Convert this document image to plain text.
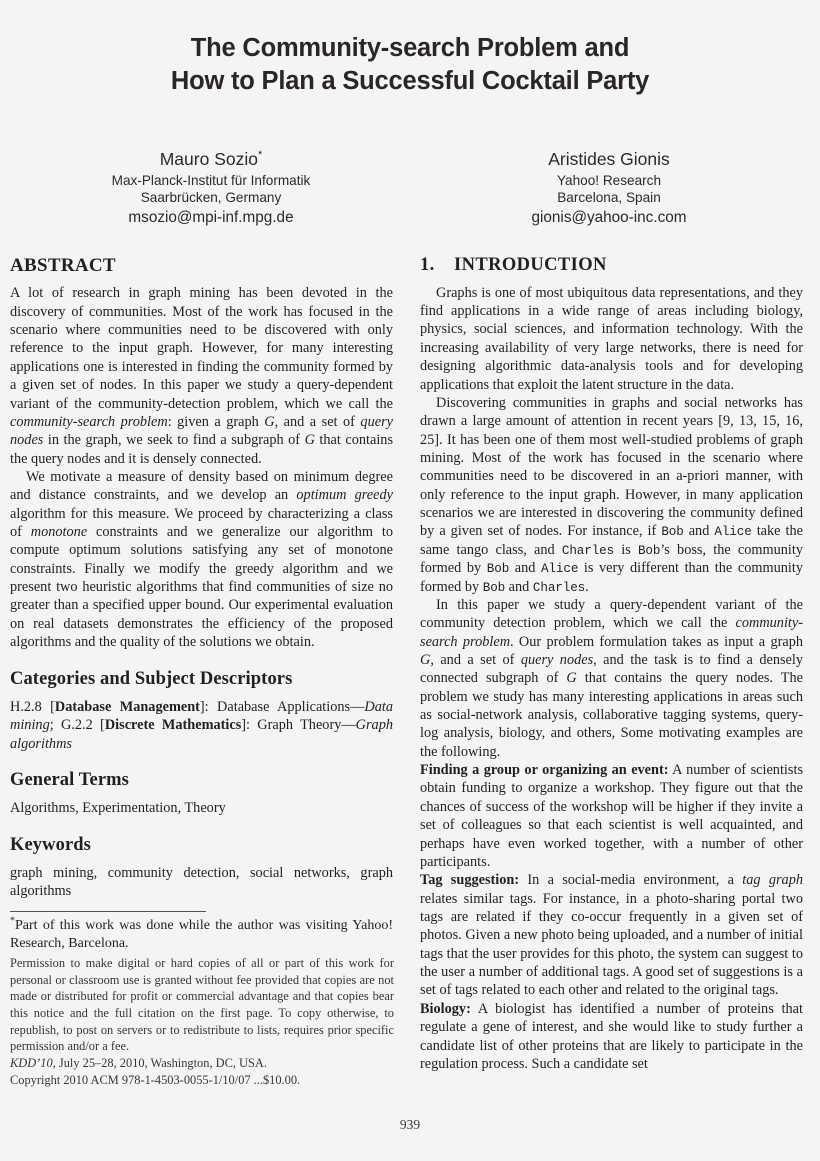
The Community-search Problem and
How to Plan a Successful Cocktail Party
Mauro Sozio*
Max-Planck-Institut für Informatik
Saarbrücken, Germany
msozio@mpi-inf.mpg.de
Aristides Gionis
Yahoo! Research
Barcelona, Spain
gionis@yahoo-inc.com
ABSTRACT

A lot of research in graph mining has been devoted in the discovery of communities. Most of the work has focused in the scenario where communities need to be discovered with only reference to the input graph. However, for many interesting applications one is interested in finding the community formed by a given set of nodes. In this paper we study a query-dependent variant of the community-detection problem, which we call the community-search problem: given a graph G, and a set of query nodes in the graph, we seek to find a subgraph of G that contains the query nodes and it is densely connected.

We motivate a measure of density based on minimum degree and distance constraints, and we develop an optimum greedy algorithm for this measure. We proceed by characterizing a class of monotone constraints and we generalize our algorithm to compute optimum solutions satisfying any set of monotone constraints. Finally we modify the greedy algorithm and we present two heuristic algorithms that find communities of size no greater than a specified upper bound. Our experimental evaluation on real datasets demonstrates the efficiency of the proposed algorithms and the quality of the solutions we obtain.

Categories and Subject Descriptors

H.2.8 [Database Management]: Database Applications—Data mining; G.2.2 [Discrete Mathematics]: Graph Theory—Graph algorithms

General Terms

Algorithms, Experimentation, Theory

Keywords

graph mining, community detection, social networks, graph algorithms

*Part of this work was done while the author was visiting Yahoo! Research, Barcelona.

1. INTRODUCTION

Graphs is one of most ubiquitous data representations, and they find applications in a wide range of areas including biology, physics, social sciences, and information technology. With the increasing availability of very large networks, there is need for designing algorithmic data-analysis tools and for developing applications that exploit the latent structure in the data.

Discovering communities in graphs and social networks has drawn a large amount of attention in recent years [9, 13, 15, 16, 25]. It has been one of them most well-studied problems of graph mining. Most of the work has focused in the scenario where communities need to be discovered in an a-priori manner, with only reference to the input graph. However, in many application scenarios we are interested in discovering the community defined by a given set of nodes. For instance, if Bob and Alice take the same tango class, and Charles is Bob’s boss, the community formed by Bob and Alice is very different than the community formed by Bob and Charles.

In this paper we study a query-dependent variant of the community detection problem, which we call the community-search problem. Our problem formulation takes as input a graph G, and a set of query nodes, and the task is to find a densely connected subgraph of G that contains the query nodes. The problem we study has many interesting applications in areas such as social-network analysis, collaborative tagging systems, query-log analysis, biology, and others, Some motivating examples are the following.

Finding a group or organizing an event: A number of scientists obtain funding to organize a workshop. They figure out that the chances of success of the workshop will be higher if they invite a set of colleagues so that each scientist is well acquainted, and perhaps have even worked together, with a number of other participants.

Tag suggestion: In a social-media environment, a tag graph relates similar tags. For instance, in a photo-sharing portal two tags are related if they co-occur frequently in a given set of photos. Given a new photo being uploaded, and a number of initial tags that the user provides for this photo, the system can suggest to the user a number of additional tags. A good set of suggestions is a set of tags related to each other and related to the original tags.

Biology: A biologist has identified a number of proteins that regulate a gene of interest, and she would like to study further a candidate list of other proteins that are likely to participate in the regulation process. Such a candidate set

Permission to make digital or hard copies of all or part of this work for personal or classroom use is granted without fee provided that copies are not made or distributed for profit or commercial advantage and that copies bear this notice and the full citation on the first page. To copy otherwise, to republish, to post on servers or to redistribute to lists, requires prior specific permission and/or a fee.

KDD’10, July 25–28, 2010, Washington, DC, USA.

Copyright 2010 ACM 978-1-4503-0055-1/10/07 ...$10.00.

939
